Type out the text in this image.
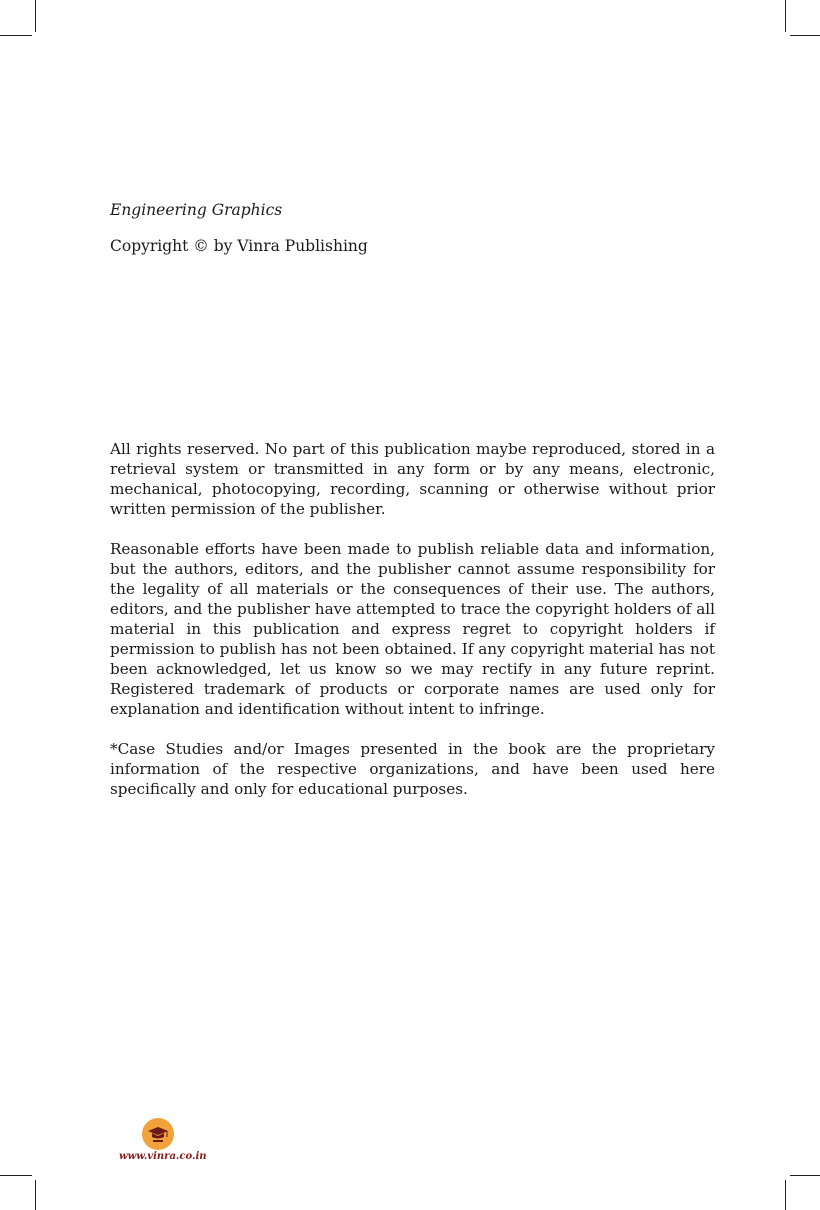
Engineering Graphics

Copyright © by Vinra Publishing

All rights reserved. No part of this publication maybe reproduced, stored in a retrieval system or transmitted in any form or by any means, electronic, mechanical, photocopying, recording, scanning or otherwise without prior written permission of the publisher.

Reasonable efforts have been made to publish reliable data and information, but the authors, editors, and the publisher cannot assume responsibility for the legality of all materials or the consequences of their use. The authors, editors, and the publisher have attempted to trace the copyright holders of all material in this publication and express regret to copyright holders if permission to publish has not been obtained. If any copyright material has not been acknowledged, let us know so we may rectify in any future reprint. Registered trademark of products or corporate names are used only for explanation and identification without intent to infringe.

*Case Studies and/or Images presented in the book are the proprietary information of the respective organizations, and have been used here specifically and only for educational purposes.

www.vinra.co.in
